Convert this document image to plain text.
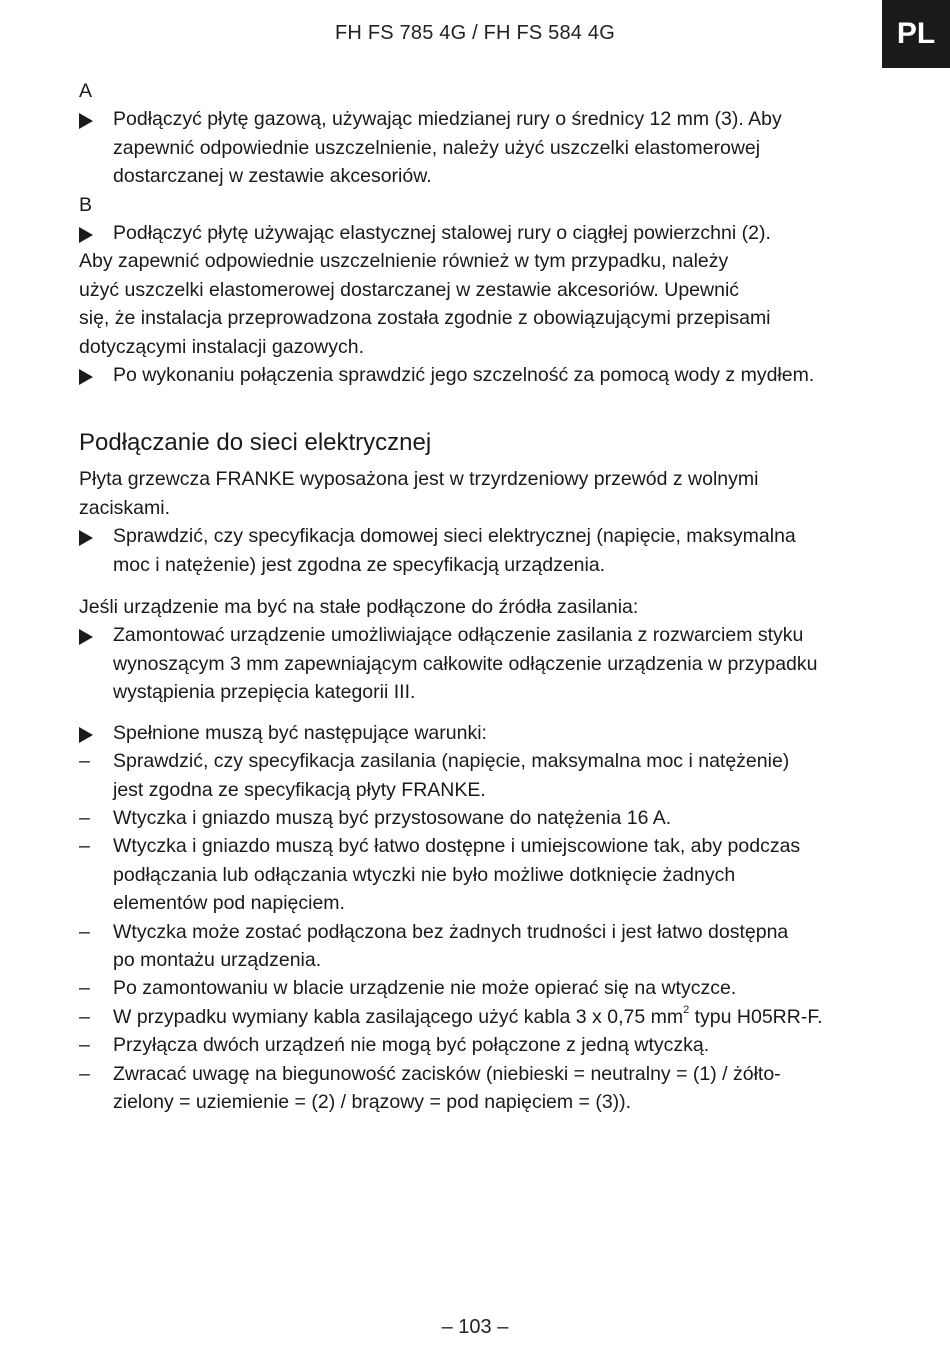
FH FS 785 4G / FH FS 584 4G	PL
A
Podłączyć płytę gazową, używając miedzianej rury o średnicy 12 mm (3). Aby
zapewnić odpowiednie uszczelnienie, należy użyć uszczelki elastomerowej
dostarczanej w zestawie akcesoriów.
B
Podłączyć płytę używając elastycznej stalowej rury o ciągłej powierzchni (2).
Aby zapewnić odpowiednie uszczelnienie również w tym przypadku, należy
użyć uszczelki elastomerowej dostarczanej w zestawie akcesoriów. Upewnić
się, że instalacja przeprowadzona została zgodnie z obowiązującymi przepisami
dotyczącymi instalacji gazowych.
Po wykonaniu połączenia sprawdzić jego szczelność za pomocą wody z mydłem.
Podłączanie do sieci elektrycznej
Płyta grzewcza FRANKE wyposażona jest w trzyrdzeniowy przewód z wolnymi
zaciskami.
Sprawdzić, czy specyfikacja domowej sieci elektrycznej (napięcie, maksymalna
moc i natężenie) jest zgodna ze specyfikacją urządzenia.
Jeśli urządzenie ma być na stałe podłączone do źródła zasilania:
Zamontować urządzenie umożliwiające odłączenie zasilania z rozwarciem styku
wynoszącym 3 mm zapewniającym całkowite odłączenie urządzenia w przypadku
wystąpienia przepięcia kategorii III.
Spełnione muszą być następujące warunki:
–	Sprawdzić, czy specyfikacja zasilania (napięcie, maksymalna moc i natężenie)
jest zgodna ze specyfikacją płyty FRANKE.
–	Wtyczka i gniazdo muszą być przystosowane do natężenia 16 A.
–	Wtyczka i gniazdo muszą być łatwo dostępne i umiejscowione tak, aby podczas
podłączania lub odłączania wtyczki nie było możliwe dotknięcie żadnych
elementów pod napięciem.
–	Wtyczka może zostać podłączona bez żadnych trudności i jest łatwo dostępna
po montażu urządzenia.
–	Po zamontowaniu w blacie urządzenie nie może opierać się na wtyczce.
–	W przypadku wymiany kabla zasilającego użyć kabla 3 x 0,75 $mm^2$ typu H05RR-F.
–	Przyłącza dwóch urządzeń nie mogą być połączone z jedną wtyczką.
–	Zwracać uwagę na biegunowość zacisków (niebieski = neutralny = (1) / żółto-
zielony = uziemienie = (2) / brązowy = pod napięciem = (3)).
– 103 –
